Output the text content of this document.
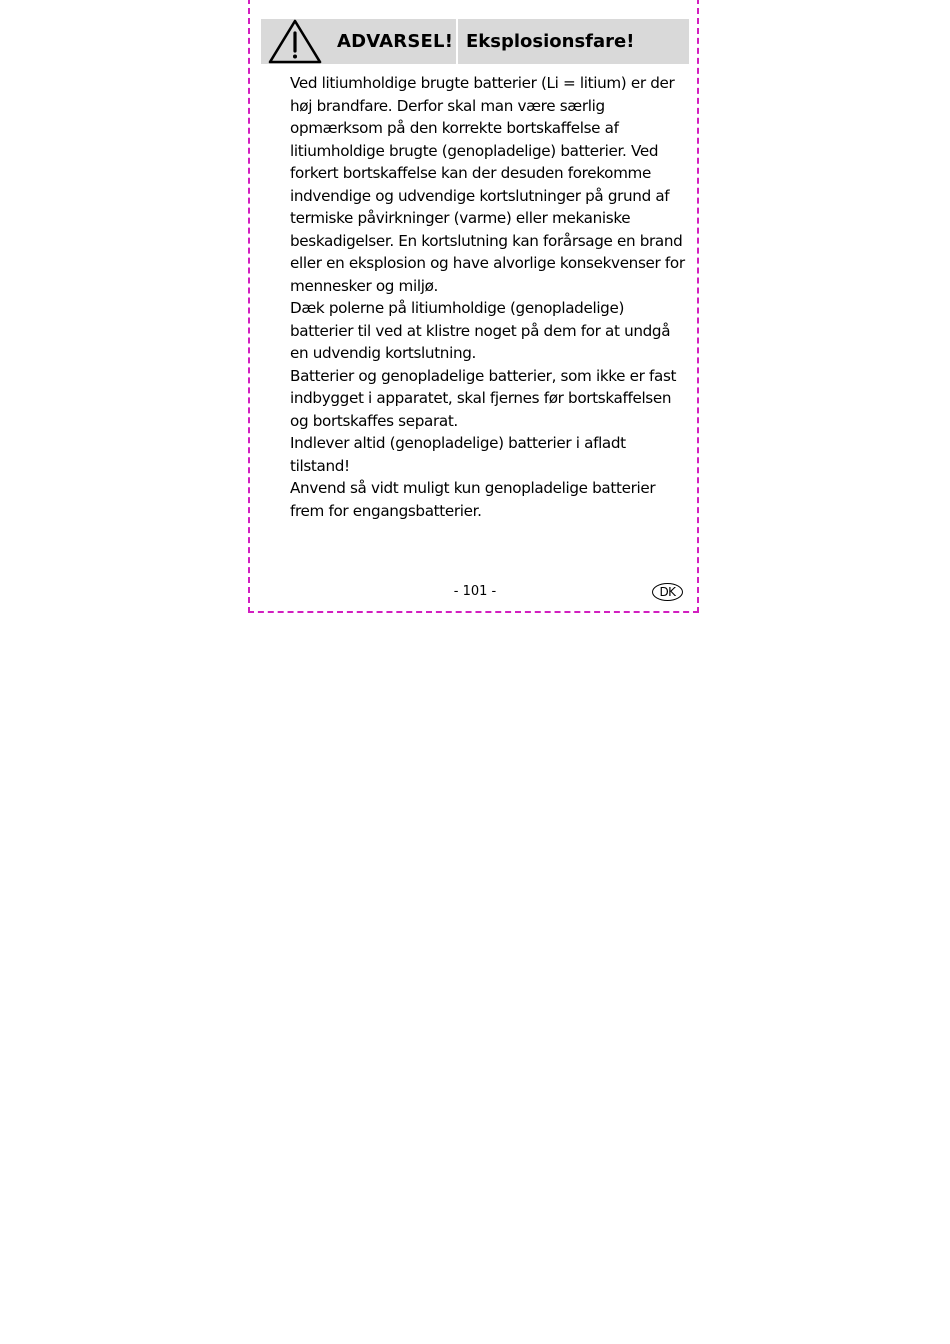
ADVARSEL! Eksplosionsfare!

Ved litiumholdige brugte batterier (Li = litium) er der høj brandfare. Derfor skal man være særlig opmærksom på den korrekte bortskaffelse af litiumholdige brugte (genopladelige) batterier. Ved forkert bortskaffelse kan der desuden forekomme indvendige og udvendige kortslutninger på grund af termiske påvirkninger (varme) eller mekaniske beskadigelser. En kortslutning kan forårsage en brand eller en eksplosion og have alvorlige konsekvenser for mennesker og miljø.

Dæk polerne på litiumholdige (genopladelige) batterier til ved at klistre noget på dem for at undgå en udvendig kortslutning.

Batterier og genopladelige batterier, som ikke er fast indbygget i apparatet, skal fjernes før bortskaffelsen og bortskaffes separat.

Indlever altid (genopladelige) batterier i afladt tilstand!

Anvend så vidt muligt kun genopladelige batterier frem for engangsbatterier.

- 101 -	DK
